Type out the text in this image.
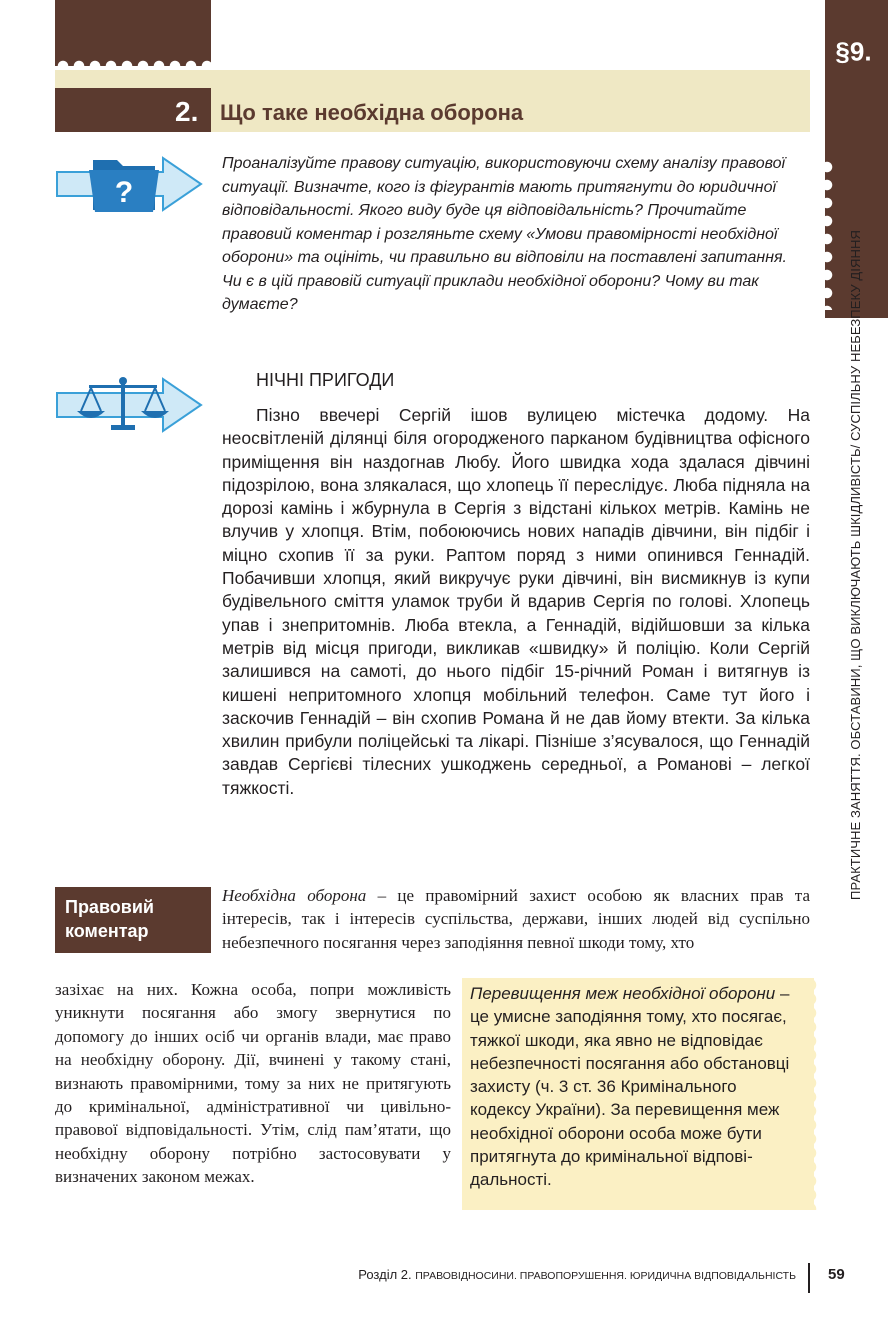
2. Що таке необхідна оборона
§9.
ПРАКТИЧНЕ ЗАНЯТТЯ. ОБСТАВИНИ, ЩО ВИКЛЮЧАЮТЬ ШКІДЛИВІСТЬ/ СУСПІЛЬНУ НЕБЕЗПЕКУ ДІЯННЯ
?

Проаналізуйте правову ситуацію, використовуючи схему аналізу правової ситуації. Визначте, кого із фігурантів мають притягнути до юридичної відповідальності. Якого виду буде ця відповідальність? Прочитайте правовий коментар і розгляньте схему «Умови правомірності необхідної оборони» та оцініть, чи правильно ви відповіли на поставлені запитання.

Чи є в цій правовій ситуації приклади необхідної оборони? Чому ви так думаєте?

НІЧНІ ПРИГОДИ

Пізно ввечері Сергій ішов вулицею містечка додому. На неосвітленій ділянці біля огородженого парканом будівництва офісного приміщення він наздогнав Любу. Його швидка хода здалася дівчині підозрілою, вона злякалася, що хлопець її переслідує. Люба підняла на дорозі камінь і жбурнула в Сергія з відстані кількох метрів. Камінь не влучив у хлопця. Втім, побоюючись нових нападів дівчини, він підбіг і міцно схопив її за руки. Раптом поряд з ними опинився Геннадій. Побачивши хлопця, який викручує руки дівчині, він висмикнув із купи будівельного сміття уламок труби й вдарив Сергія по голові. Хлопець упав і знепритомнів. Люба втекла, а Геннадій, відійшовши за кілька метрів від місця пригоди, викликав «швидку» й поліцію. Коли Сергій залишився на самоті, до нього підбіг 15-річний Роман і витягнув із кишені непритомного хлопця мобільний телефон. Саме тут його і заскочив Геннадій – він схопив Романа й не дав йому втекти. За кілька хвилин прибули поліцейські та лікарі. Пізніше з’ясувалося, що Геннадій завдав Сергієві тілесних ушкоджень середньої, а Романові – легкої тяжкості.

Правовий коментар

Необхідна оборона – це правомірний захист особою як власних прав та інтересів, так і інтересів суспільства, держави, інших людей від суспільно небезпечного посягання через заподіяння певної шкоди тому, хто

зазіхає на них. Кожна особа, попри можливість уникнути посягання або змогу звернутися по допомогу до інших осіб чи органів влади, має право на необхідну оборону. Дії, вчинені у такому стані, визнають правомірними, тому за них не притягують до кримінальної, адміністративної чи цивільно-правової відповідальності. Утім, слід пам’ятати, що необхідну оборону потрібно застосовувати у визначених законом межах.

Перевищення меж необхідної оборони – це умисне заподіяння тому, хто посягає, тяжкої шкоди, яка явно не відповідає небезпечності посягання або обстановці захисту (ч. 3 ст. 36 Кримінального кодексу України). За перевищення меж необхідної оборони особа може бути притягнута до кримінальної відповідальності.

Розділ 2. ПРАВОВІДНОСИНИ. ПРАВОПОРУШЕННЯ. ЮРИДИЧНА ВІДПОВІДАЛЬНІСТЬ 59
